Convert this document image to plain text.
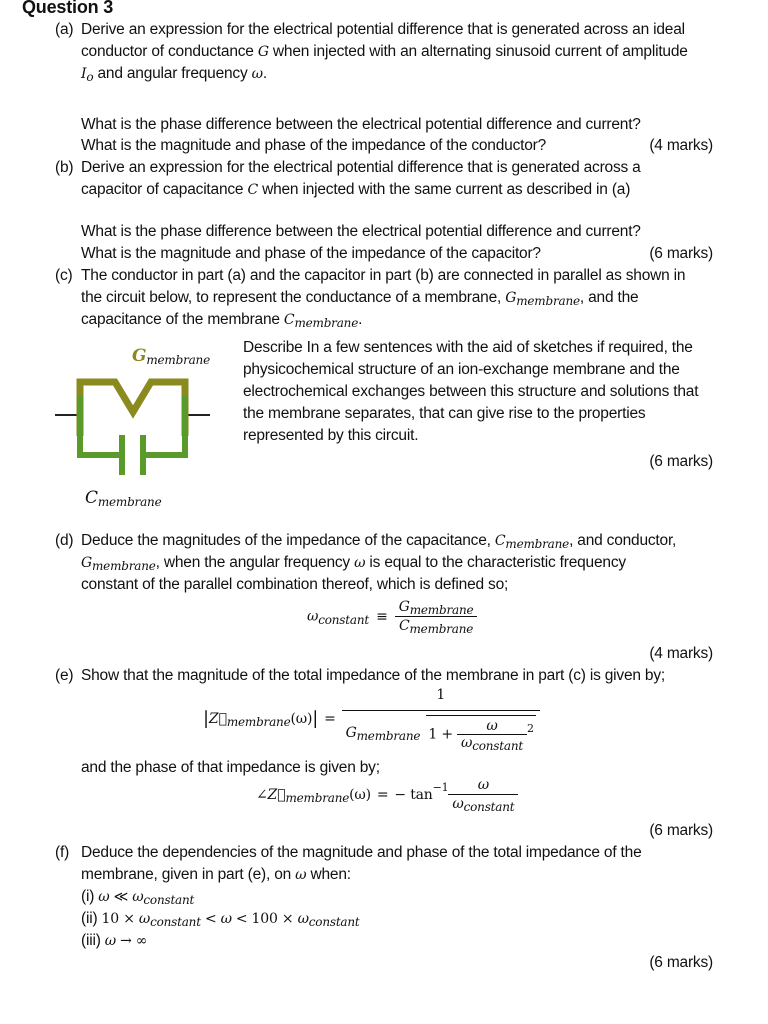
Question 3
(a) Derive an expression for the electrical potential difference that is generated across an ideal
conductor of conductance G when injected with an alternating sinusoid current of amplitude
Io and angular frequency ω.
What is the phase difference between the electrical potential difference and current?
What is the magnitude and phase of the impedance of the conductor?	(4 marks)
(b) Derive an expression for the electrical potential difference that is generated across a
capacitor of capacitance C when injected with the same current as described in (a)
What is the phase difference between the electrical potential difference and current?
What is the magnitude and phase of the impedance of the capacitor?	(6 marks)
(c) The conductor in part (a) and the capacitor in part (b) are connected in parallel as shown in
the circuit below, to represent the conductance of a membrane, Gmembrane, and the
capacitance of the membrane Cmembrane.
Gmembrane
Cmembrane
Describe In a few sentences with the aid of sketches if required, the
physicochemical structure of an ion-exchange membrane and the
electrochemical exchanges between this structure and solutions that
the membrane separates, that can give rise to the properties
represented by this circuit.
(6 marks)
(d) Deduce the magnitudes of the impedance of the capacitance, Cmembrane, and conductor,
Gmembrane, when the angular frequency ω is equal to the characteristic frequency
constant of the parallel combination thereof, which is defined so;
ωconstant ≡ $\frac{\text{Gmembrane}}{\text{Cmembrane}}$
(4 marks)
(e) Show that the magnitude of the total impedance of the membrane in part (c) is given by;
| Z⃗ membrane (ω) | =
1
Gmembrane $1 + \frac{\omega}{\text{ωconstant}} ^2$
and the phase of that impedance is given by;
∠ Z⃗ membrane (ω) = − $\tan -1 \frac{\omega}{\text{ωconstant}}$
(6 marks)
(f) Deduce the dependencies of the magnitude and phase of the total impedance of the
membrane, given in part (e), on ω when:
(i) ω ≪ ωconstant
(ii) 10 × ωconstant < ω < 100 × ωconstant
(iii) ω → ∞
(6 marks)
